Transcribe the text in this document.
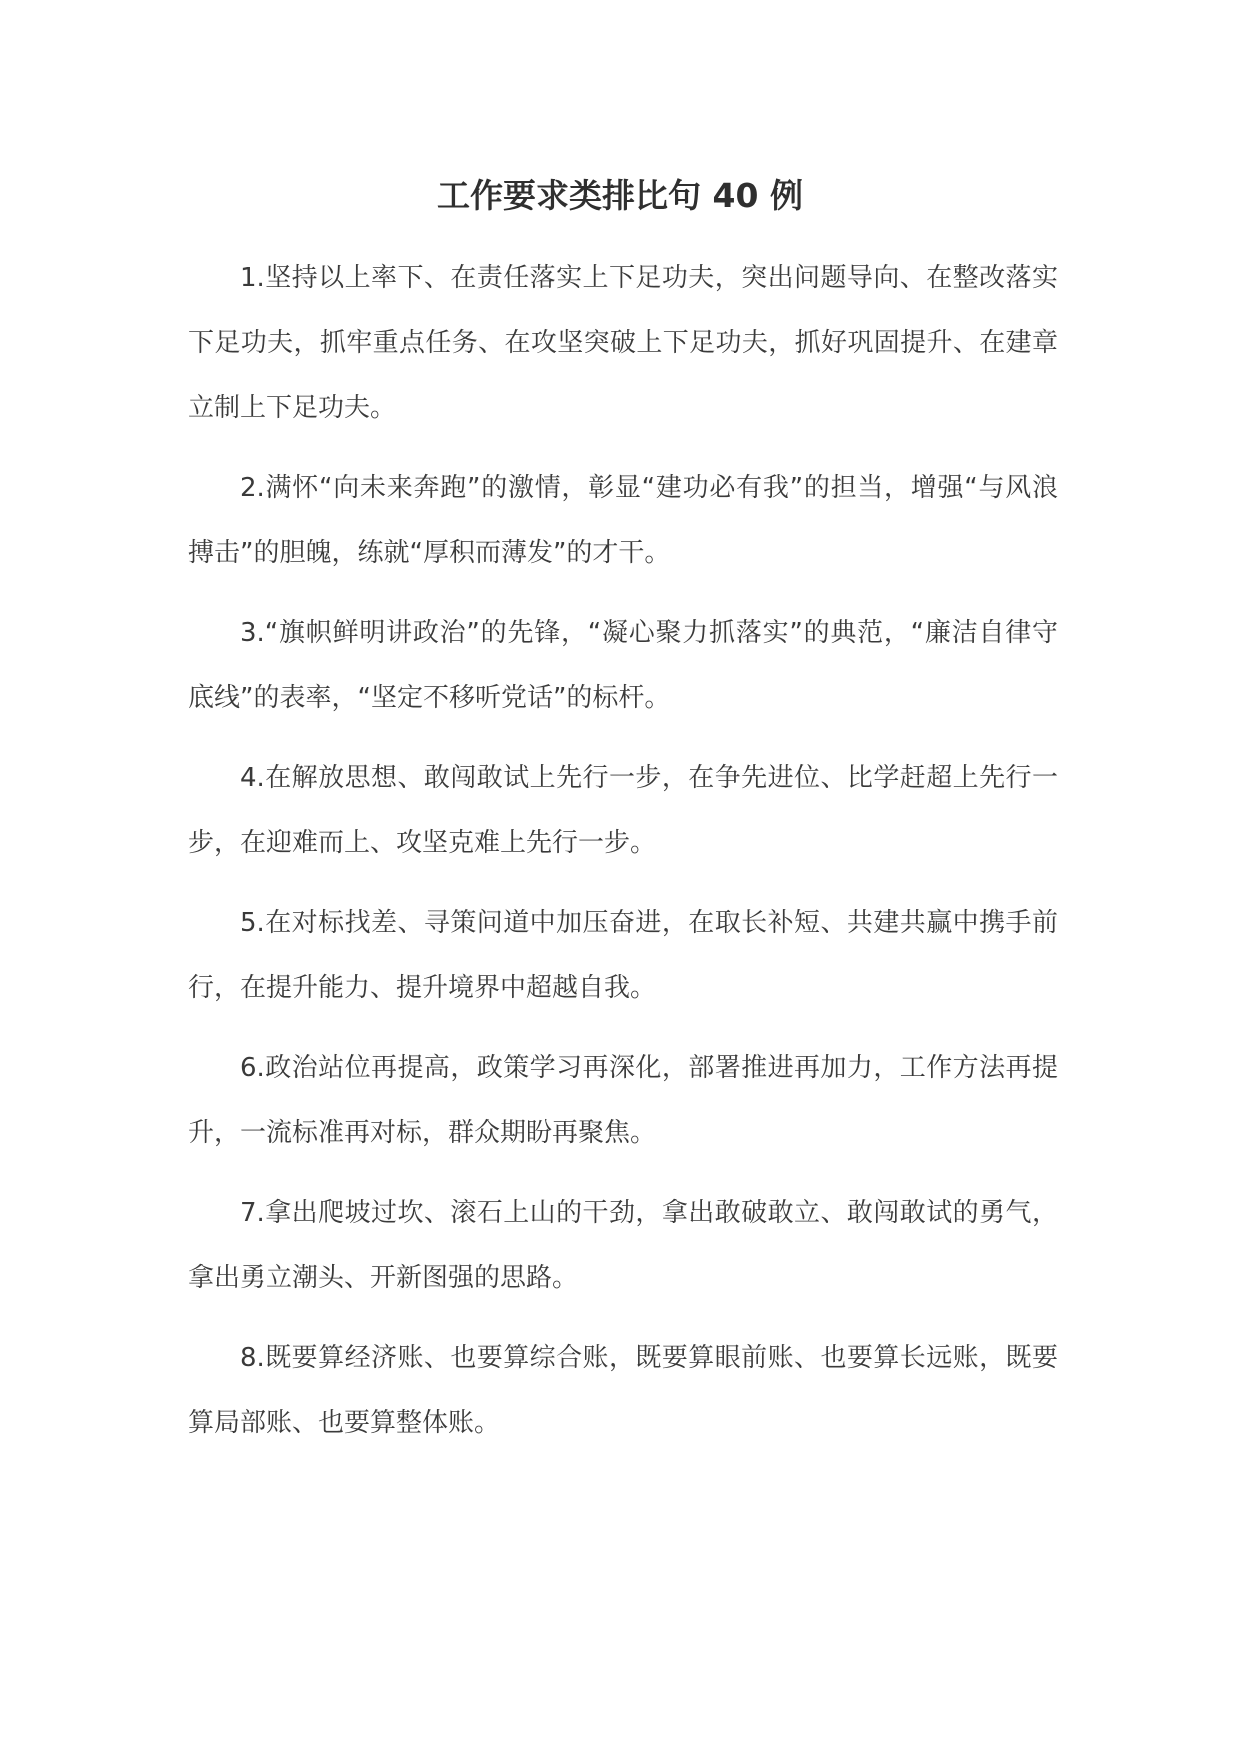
工作要求类排比句 40 例

1.坚持以上率下、在责任落实上下足功夫，突出问题导向、在整改落实下足功夫，抓牢重点任务、在攻坚突破上下足功夫，抓好巩固提升、在建章立制上下足功夫。

2.满怀“向未来奔跑”的激情，彰显“建功必有我”的担当，增强“与风浪搏击”的胆魄，练就“厚积而薄发”的才干。

3.“旗帜鲜明讲政治”的先锋，“凝心聚力抓落实”的典范，“廉洁自律守底线”的表率，“坚定不移听党话”的标杆。

4.在解放思想、敢闯敢试上先行一步，在争先进位、比学赶超上先行一步，在迎难而上、攻坚克难上先行一步。

5.在对标找差、寻策问道中加压奋进，在取长补短、共建共赢中携手前行，在提升能力、提升境界中超越自我。

6.政治站位再提高，政策学习再深化，部署推进再加力，工作方法再提升，一流标准再对标，群众期盼再聚焦。

7.拿出爬坡过坎、滚石上山的干劲，拿出敢破敢立、敢闯敢试的勇气，拿出勇立潮头、开新图强的思路。

8.既要算经济账、也要算综合账，既要算眼前账、也要算长远账，既要算局部账、也要算整体账。
